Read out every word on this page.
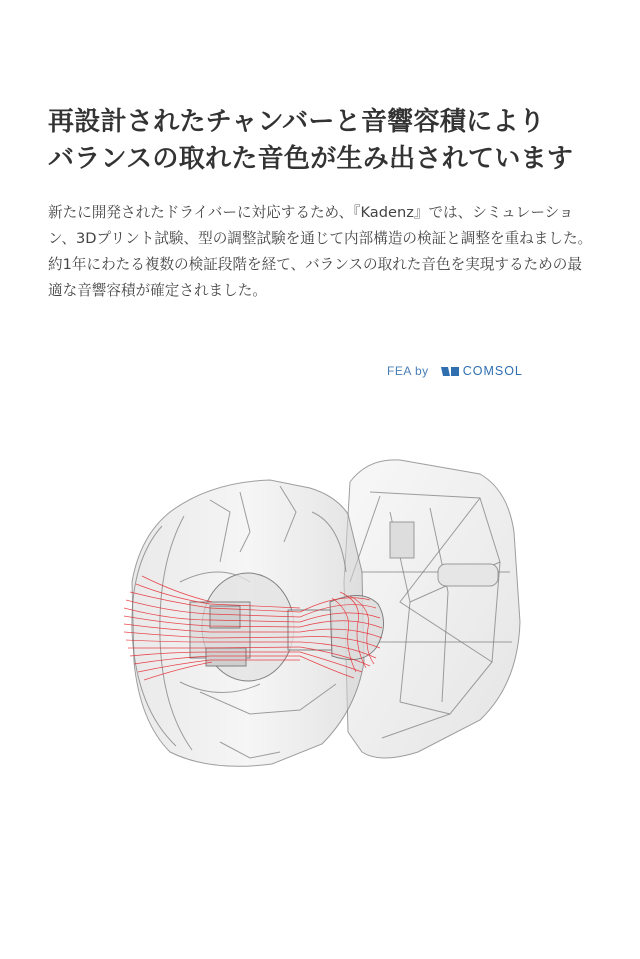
再設計されたチャンバーと音響容積により
バランスの取れた音色が生み出されています

新たに開発されたドライバーに対応するため、『Kadenz』では、シミュレーション、3Dプリント試験、型の調整試験を通じて内部構造の検証と調整を重ねました。約1年にわたる複数の検証段階を経て、バランスの取れた音色を実現するための最適な音響容積が確定されました。

FEA by	COMSOL
